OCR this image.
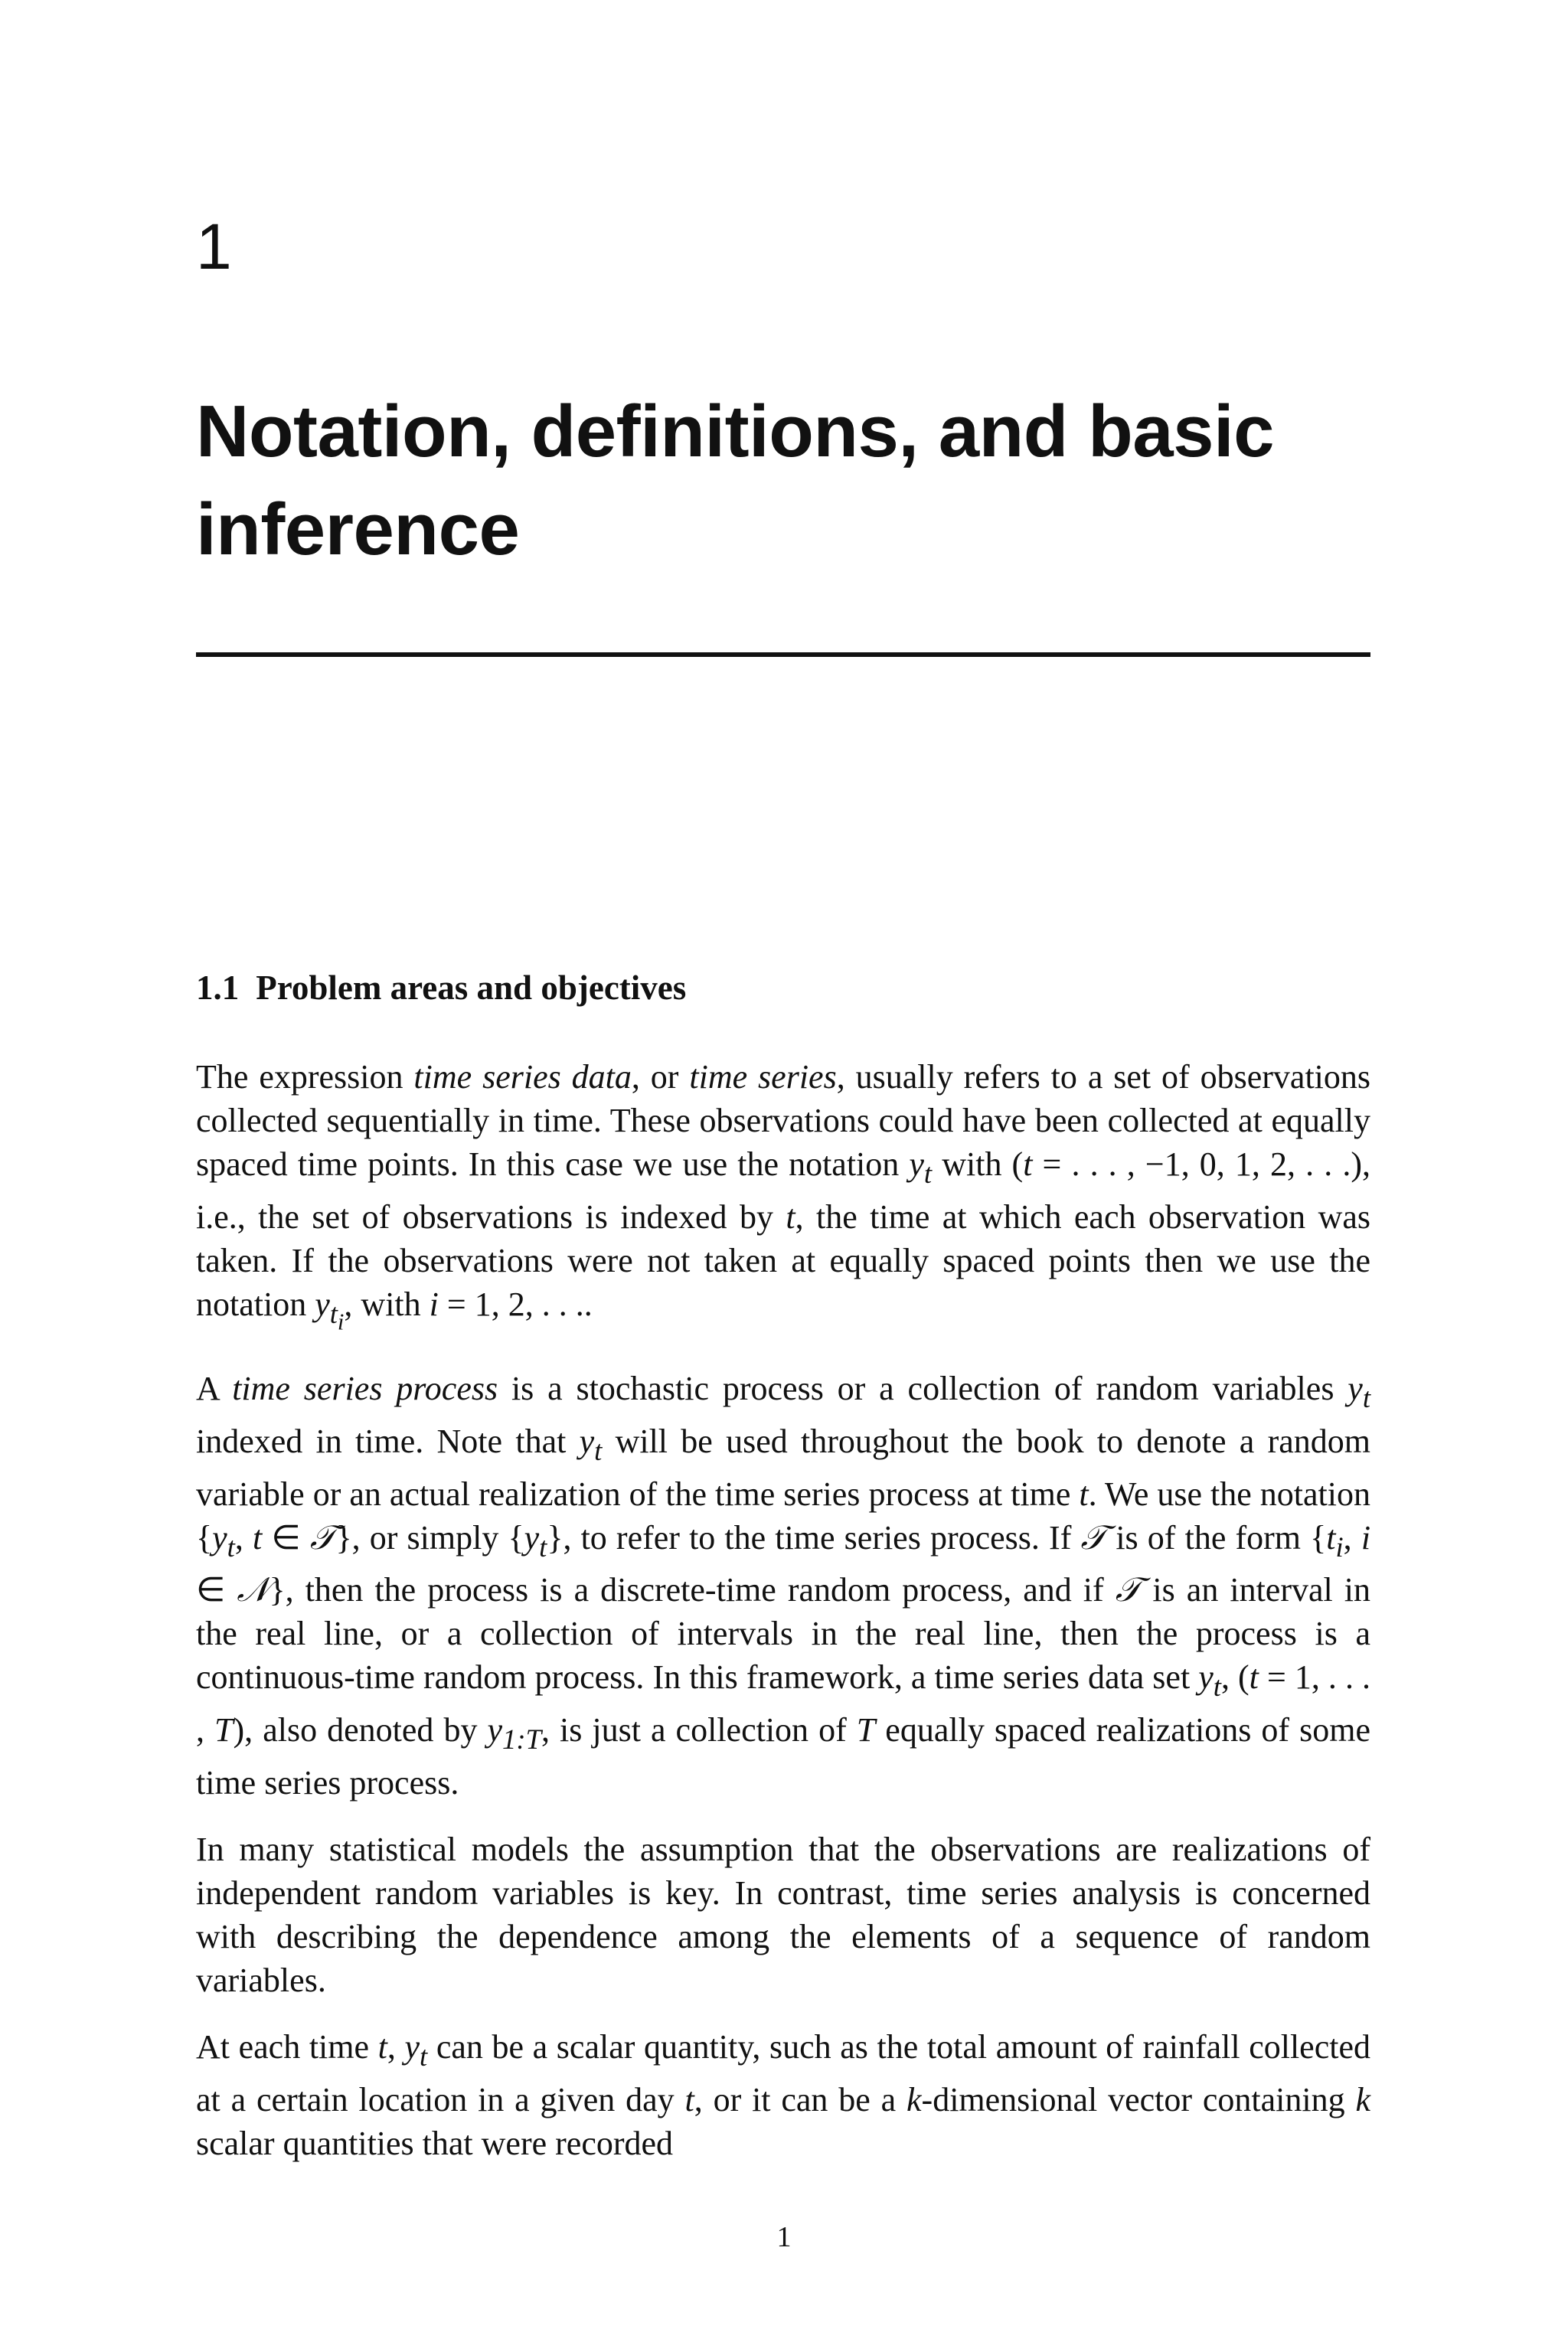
1
Notation, definitions, and basic inference
1.1 Problem areas and objectives

The expression time series data, or time series, usually refers to a set of observations collected sequentially in time. These observations could have been collected at equally spaced time points. In this case we use the notation $y_t$ with (t = . . . , −1, 0, 1, 2, . . .), i.e., the set of observations is indexed by t, the time at which each observation was taken. If the observations were not taken at equally spaced points then we use the notation $y_{t_i}$, with i = 1, 2, . . ..

A time series process is a stochastic process or a collection of random variables $y_t$ indexed in time. Note that $y_t$ will be used throughout the book to denote a random variable or an actual realization of the time series process at time t. We use the notation {$y_t$, t ∈ 𝒯}, or simply $\{y_t\}$, to refer to the time series process. If 𝒯 is of the form {$t_i$, i ∈ 𝒩}, then the process is a discrete-time random process, and if 𝒯 is an interval in the real line, or a collection of intervals in the real line, then the process is a continuous-time random process. In this framework, a time series data set $y_t$, (t = 1, . . . , T), also denoted by $y_{1:T}$, is just a collection of T equally spaced realizations of some time series process.

In many statistical models the assumption that the observations are realizations of independent random variables is key. In contrast, time series analysis is concerned with describing the dependence among the elements of a sequence of random variables.

At each time t, $y_t$ can be a scalar quantity, such as the total amount of rainfall collected at a certain location in a given day t, or it can be a k-dimensional vector containing k scalar quantities that were recorded

1
